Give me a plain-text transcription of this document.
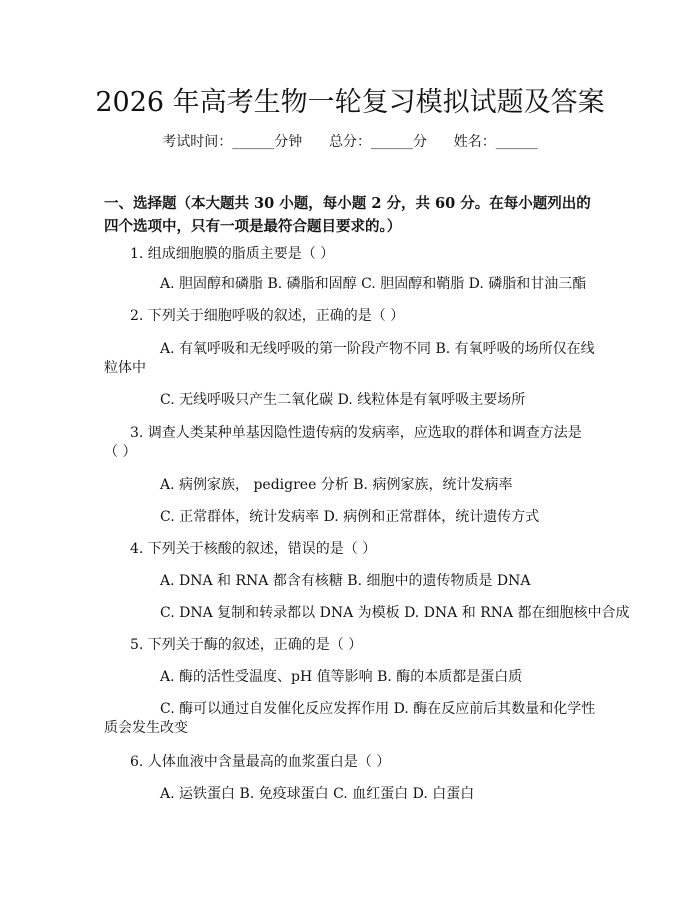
2026 年高考生物一轮复习模拟试题及答案
考试时间：______分钟      总分：______分      姓名：______
一、选择题（本大题共 30 小题，每小题 2 分，共 60 分。在每小题列出的四个选项中，只有一项是最符合题目要求的。）
1. 组成细胞膜的脂质主要是（ ）
A. 胆固醇和磷脂 B. 磷脂和固醇 C. 胆固醇和鞘脂 D. 磷脂和甘油三酯
2. 下列关于细胞呼吸的叙述，正确的是（ ）
A. 有氧呼吸和无线呼吸的第一阶段产物不同 B. 有氧呼吸的场所仅在线
粒体中
C. 无线呼吸只产生二氧化碳 D. 线粒体是有氧呼吸主要场所
3. 调查人类某种单基因隐性遗传病的发病率，应选取的群体和调查方法是
（ ）
A. 病例家族， pedigree 分析 B. 病例家族，统计发病率
C. 正常群体，统计发病率 D. 病例和正常群体，统计遗传方式
4. 下列关于核酸的叙述，错误的是（ ）
A. DNA 和 RNA 都含有核糖 B. 细胞中的遗传物质是 DNA
C. DNA 复制和转录都以 DNA 为模板 D. DNA 和 RNA 都在细胞核中合成
5. 下列关于酶的叙述，正确的是（ ）
A. 酶的活性受温度、pH 值等影响 B. 酶的本质都是蛋白质
C. 酶可以通过自发催化反应发挥作用 D. 酶在反应前后其数量和化学性
质会发生改变
6. 人体血液中含量最高的血浆蛋白是（ ）
A. 运铁蛋白 B. 免疫球蛋白 C. 血红蛋白 D. 白蛋白
